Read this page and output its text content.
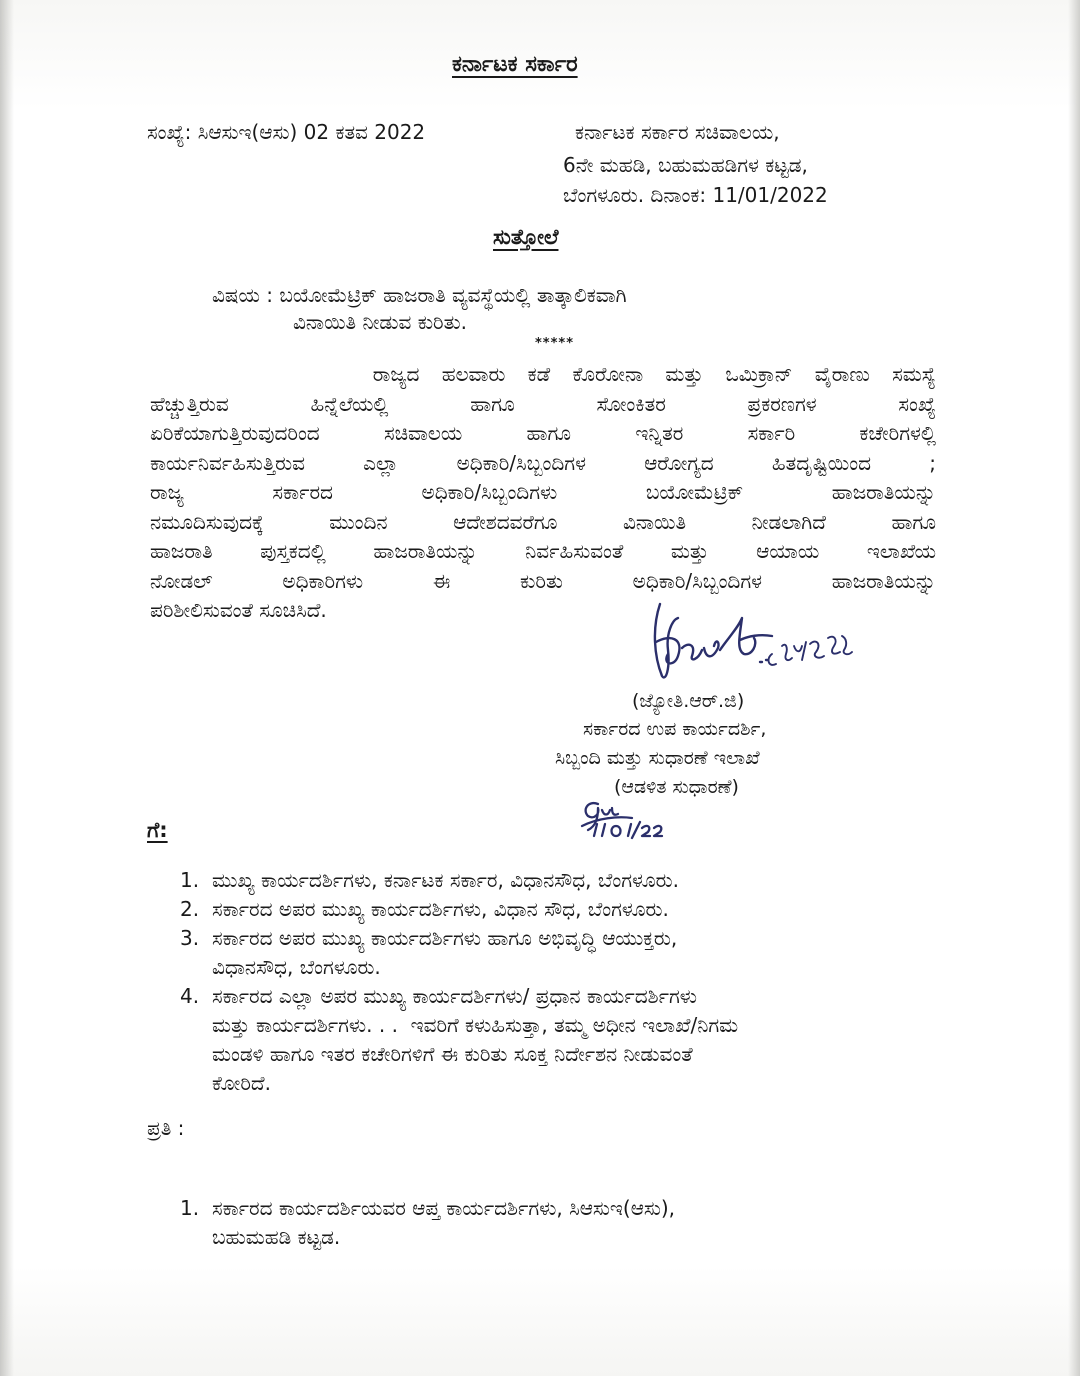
ಕರ್ನಾಟಕ ಸರ್ಕಾರ
ಸಂಖ್ಯೆ: ಸಿಆಸುಇ(ಆಸು) 02 ಕತವ 2022	ಕರ್ನಾಟಕ ಸರ್ಕಾರ ಸಚಿವಾಲಯ,
6ನೇ ಮಹಡಿ, ಬಹುಮಹಡಿಗಳ ಕಟ್ಟಡ,
ಬೆಂಗಳೂರು. ದಿನಾಂಕ: 11/01/2022
ಸುತ್ತೋಲೆ
ವಿಷಯ : ಬಯೋಮೆಟ್ರಿಕ್ ಹಾಜರಾತಿ ವ್ಯವಸ್ಥೆಯಲ್ಲಿ ತಾತ್ಕಾಲಿಕವಾಗಿ
ವಿನಾಯಿತಿ ನೀಡುವ ಕುರಿತು.
*****
ರಾಜ್ಯದ ಹಲವಾರು ಕಡೆ ಕೊರೋನಾ ಮತ್ತು ಒಮಿಕ್ರಾನ್ ವೈರಾಣು ಸಮಸ್ಯೆ
ಹೆಚ್ಚುತ್ತಿರುವ ಹಿನ್ನೆಲೆಯಲ್ಲಿ ಹಾಗೂ ಸೋಂಕಿತರ ಪ್ರಕರಣಗಳ ಸಂಖ್ಯೆ
ಏರಿಕೆಯಾಗುತ್ತಿರುವುದರಿಂದ ಸಚಿವಾಲಯ ಹಾಗೂ ಇನ್ನಿತರ ಸರ್ಕಾರಿ ಕಚೇರಿಗಳಲ್ಲಿ
ಕಾರ್ಯನಿರ್ವಹಿಸುತ್ತಿರುವ ಎಲ್ಲಾ ಅಧಿಕಾರಿ/ಸಿಬ್ಬಂದಿಗಳ ಆರೋಗ್ಯದ ಹಿತದೃಷ್ಟಿಯಿಂದ ;
ರಾಜ್ಯ ಸರ್ಕಾರದ ಅಧಿಕಾರಿ/ಸಿಬ್ಬಂದಿಗಳು ಬಯೋಮೆಟ್ರಿಕ್ ಹಾಜರಾತಿಯನ್ನು
ನಮೂದಿಸುವುದಕ್ಕೆ ಮುಂದಿನ ಆದೇಶದವರೆಗೂ ವಿನಾಯಿತಿ ನೀಡಲಾಗಿದೆ ಹಾಗೂ
ಹಾಜರಾತಿ ಪುಸ್ತಕದಲ್ಲಿ ಹಾಜರಾತಿಯನ್ನು ನಿರ್ವಹಿಸುವಂತೆ ಮತ್ತು ಆಯಾಯ ಇಲಾಖೆಯ
ನೋಡಲ್ ಅಧಿಕಾರಿಗಳು ಈ ಕುರಿತು ಅಧಿಕಾರಿ/ಸಿಬ್ಬಂದಿಗಳ ಹಾಜರಾತಿಯನ್ನು
ಪರಿಶೀಲಿಸುವಂತೆ ಸೂಚಿಸಿದೆ.
(ಜ್ಯೋತಿ.ಆರ್.ಜಿ)
ಸರ್ಕಾರದ ಉಪ ಕಾರ್ಯದರ್ಶಿ,
ಸಿಬ್ಬಂದಿ ಮತ್ತು ಸುಧಾರಣೆ ಇಲಾಖೆ
(ಆಡಳಿತ ಸುಧಾರಣೆ)
ಗೆ:
1. ಮುಖ್ಯ ಕಾರ್ಯದರ್ಶಿಗಳು, ಕರ್ನಾಟಕ ಸರ್ಕಾರ, ವಿಧಾನಸೌಧ, ಬೆಂಗಳೂರು.
2. ಸರ್ಕಾರದ ಅಪರ ಮುಖ್ಯ ಕಾರ್ಯದರ್ಶಿಗಳು, ವಿಧಾನ ಸೌಧ, ಬೆಂಗಳೂರು.
3. ಸರ್ಕಾರದ ಅಪರ ಮುಖ್ಯ ಕಾರ್ಯದರ್ಶಿಗಳು ಹಾಗೂ ಅಭಿವೃದ್ಧಿ ಆಯುಕ್ತರು,
ವಿಧಾನಸೌಧ, ಬೆಂಗಳೂರು.
4. ಸರ್ಕಾರದ ಎಲ್ಲಾ ಅಪರ ಮುಖ್ಯ ಕಾರ್ಯದರ್ಶಿಗಳು/ ಪ್ರಧಾನ ಕಾರ್ಯದರ್ಶಿಗಳು
ಮತ್ತು ಕಾರ್ಯದರ್ಶಿಗಳು. . .  ಇವರಿಗೆ ಕಳುಹಿಸುತ್ತಾ, ತಮ್ಮ ಅಧೀನ ಇಲಾಖೆ/ನಿಗಮ
ಮಂಡಳಿ ಹಾಗೂ ಇತರ ಕಚೇರಿಗಳಿಗೆ ಈ ಕುರಿತು ಸೂಕ್ತ ನಿರ್ದೇಶನ ನೀಡುವಂತೆ
ಕೋರಿದೆ.
ಪ್ರತಿ :
1. ಸರ್ಕಾರದ ಕಾರ್ಯದರ್ಶಿಯವರ ಆಪ್ತ ಕಾರ್ಯದರ್ಶಿಗಳು, ಸಿಆಸುಇ(ಆಸು),
ಬಹುಮಹಡಿ ಕಟ್ಟಡ.
